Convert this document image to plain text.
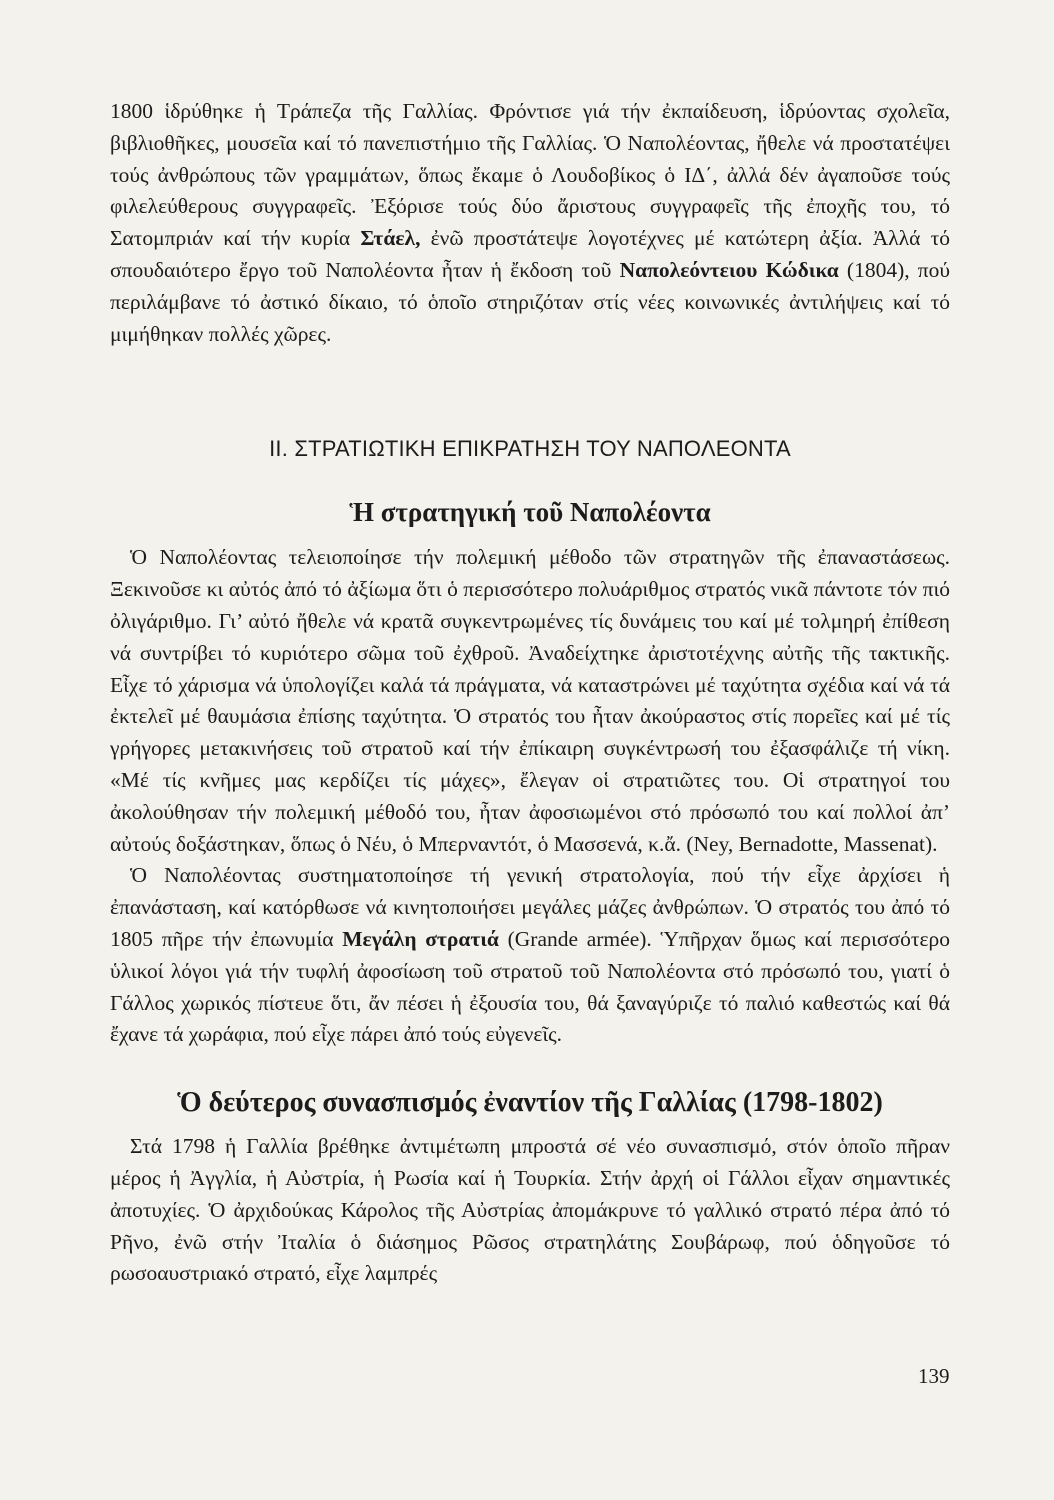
1800 ἱδρύθηκε ἡ Τράπεζα τῆς Γαλλίας. Φρόντισε γιά τήν ἐκπαίδευση, ἱδρύοντας σχολεῖα, βιβλιοθῆκες, μουσεῖα καί τό πανεπιστήμιο τῆς Γαλλίας. Ὁ Ναπολέοντας, ἤθελε νά προστατέψει τούς ἀνθρώπους τῶν γραμμάτων, ὅπως ἔκαμε ὁ Λουδοβίκος ὁ ΙΔ΄, ἀλλά δέν ἀγαποῦσε τούς φιλελεύθερους συγγραφεῖς. Ἐξόρισε τούς δύο ἄριστους συγγραφεῖς τῆς ἐποχῆς του, τό Σατομπριάν καί τήν κυρία Στάελ, ἐνῶ προστάτεψε λογοτέχνες μέ κατώτερη ἀξία. Ἀλλά τό σπουδαιότερο ἔργο τοῦ Ναπολέοντα ἦταν ἡ ἔκδοση τοῦ Ναπολεόντειου Κώδικα (1804), πού περιλάμβανε τό ἀστικό δίκαιο, τό ὁποῖο στηριζόταν στίς νέες κοινωνικές ἀντιλήψεις καί τό μιμήθηκαν πολλές χῶρες.

II. ΣΤΡΑΤΙΩΤΙΚΗ ΕΠΙΚΡΑΤΗΣΗ ΤΟΥ ΝΑΠΟΛΕΟΝΤΑ
Ἡ στρατηγική τοῦ Ναπολέοντα

Ὁ Ναπολέοντας τελειοποίησε τήν πολεμική μέθοδο τῶν στρατηγῶν τῆς ἐπαναστάσεως. Ξεκινοῦσε κι αὐτός ἀπό τό ἀξίωμα ὅτι ὁ περισσότερο πολυάριθμος στρατός νικᾶ πάντοτε τόν πιό ὀλιγάριθμο. Γι’ αὐτό ἤθελε νά κρατᾶ συγκεντρωμένες τίς δυνάμεις του καί μέ τολμηρή ἐπίθεση νά συντρίβει τό κυριότερο σῶμα τοῦ ἐχθροῦ. Ἀναδείχτηκε ἀριστοτέχνης αὐτῆς τῆς τακτικῆς. Εἶχε τό χάρισμα νά ὑπολογίζει καλά τά πράγματα, νά καταστρώνει μέ ταχύτητα σχέδια καί νά τά ἐκτελεῖ μέ θαυμάσια ἐπίσης ταχύτητα. Ὁ στρατός του ἦταν ἀκούραστος στίς πορεῖες καί μέ τίς γρήγορες μετακινήσεις τοῦ στρατοῦ καί τήν ἐπίκαιρη συγκέντρωσή του ἐξασφάλιζε τή νίκη. «Μέ τίς κνῆμες μας κερδίζει τίς μάχες», ἔλεγαν οἱ στρατιῶτες του. Οἱ στρατηγοί του ἀκολούθησαν τήν πολεμική μέθοδό του, ἦταν ἀφοσιωμένοι στό πρόσωπό του καί πολλοί ἀπ’ αὐτούς δοξάστηκαν, ὅπως ὁ Νέυ, ὁ Μπερναντότ, ὁ Μασσενά, κ.ἄ. (Ney, Bernadotte, Massenat).

Ὁ Ναπολέοντας συστηματοποίησε τή γενική στρατολογία, πού τήν εἶχε ἀρχίσει ἡ ἐπανάσταση, καί κατόρθωσε νά κινητοποιήσει μεγάλες μάζες ἀνθρώπων. Ὁ στρατός του ἀπό τό 1805 πῆρε τήν ἐπωνυμία Μεγάλη στρατιά (Grande armée). Ὑπῆρχαν ὅμως καί περισσότερο ὑλικοί λόγοι γιά τήν τυφλή ἀφοσίωση τοῦ στρατοῦ τοῦ Ναπολέοντα στό πρόσωπό του, γιατί ὁ Γάλλος χωρικός πίστευε ὅτι, ἄν πέσει ἡ ἐξουσία του, θά ξαναγύριζε τό παλιό καθεστώς καί θά ἔχανε τά χωράφια, πού εἶχε πάρει ἀπό τούς εὐγενεῖς.

Ὁ δεύτερος συνασπισμός ἐναντίον τῆς Γαλλίας (1798-1802)

Στά 1798 ἡ Γαλλία βρέθηκε ἀντιμέτωπη μπροστά σέ νέο συνασπισμό, στόν ὁποῖο πῆραν μέρος ἡ Ἀγγλία, ἡ Αὐστρία, ἡ Ρωσία καί ἡ Τουρκία. Στήν ἀρχή οἱ Γάλλοι εἶχαν σημαντικές ἀποτυχίες. Ὁ ἀρχιδούκας Κάρολος τῆς Αὐστρίας ἀπομάκρυνε τό γαλλικό στρατό πέρα ἀπό τό Ρῆνο, ἐνῶ στήν Ἰταλία ὁ διάσημος Ρῶσος στρατηλάτης Σουβάρωφ, πού ὁδηγοῦσε τό ρωσοαυστριακό στρατό, εἶχε λαμπρές

139
